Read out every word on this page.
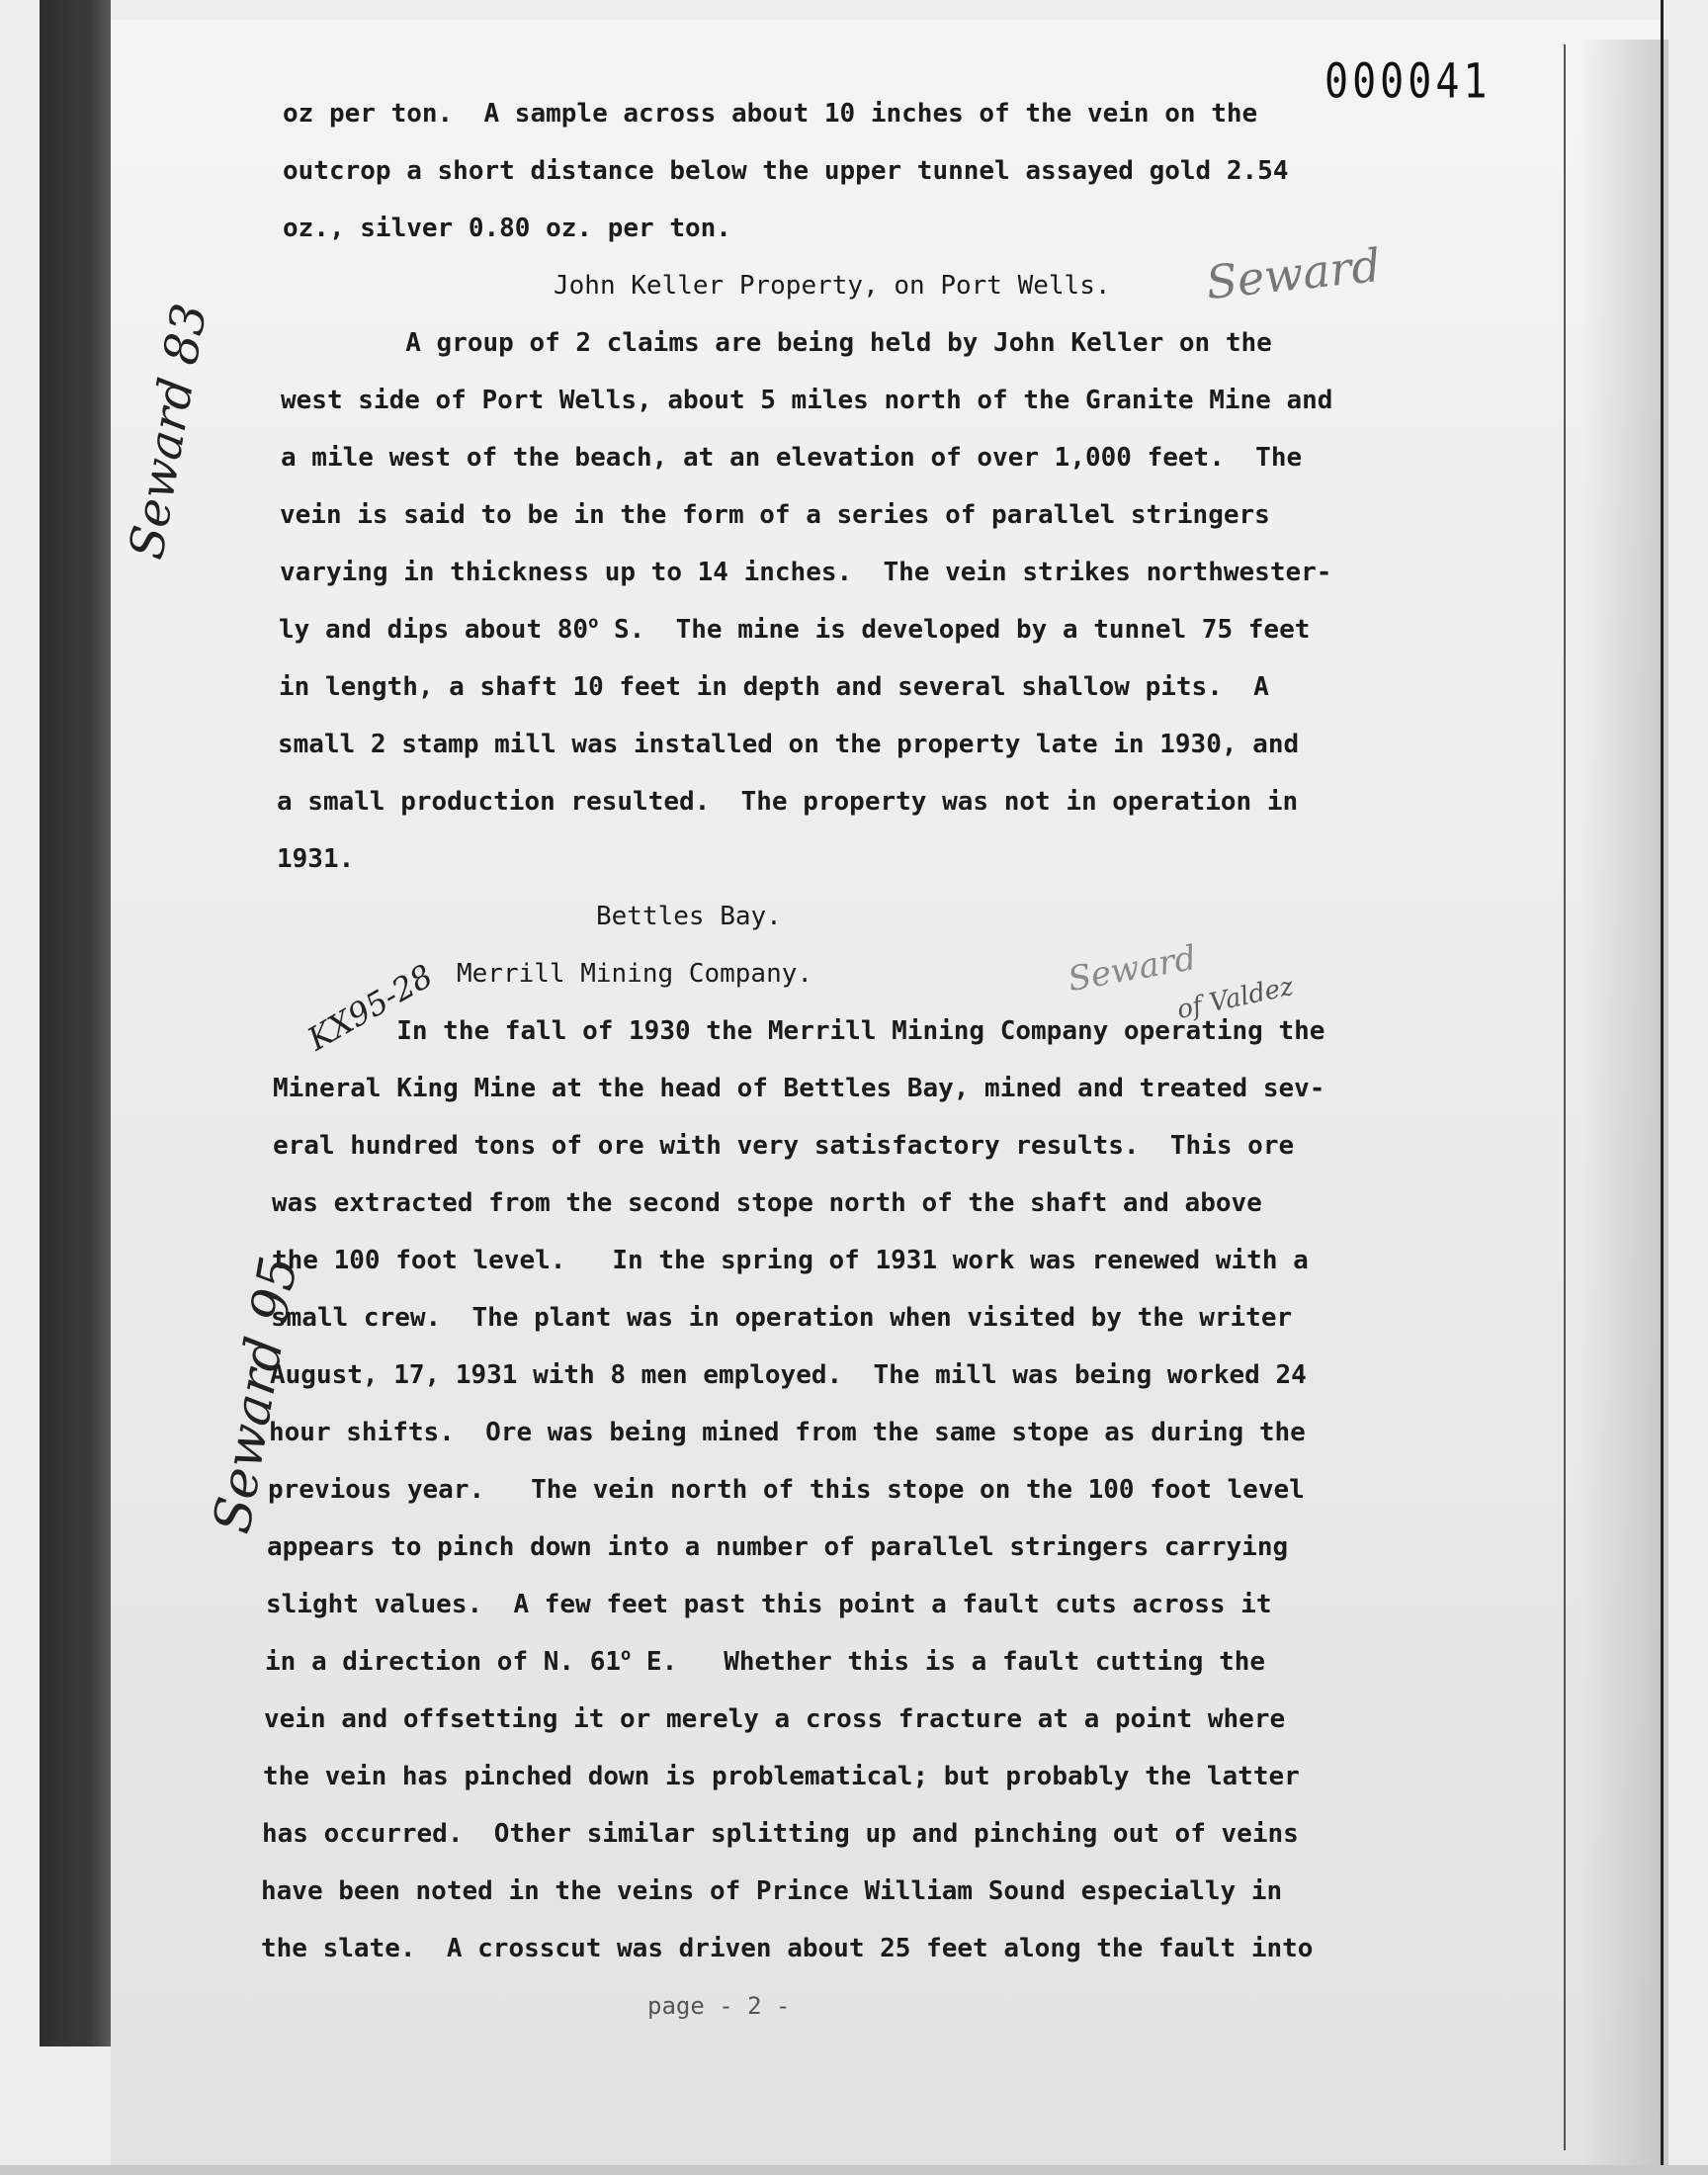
000041
oz per ton.  A sample across about 10 inches of the vein on the
outcrop a short distance below the upper tunnel assayed gold 2.54
oz., silver 0.80 oz. per ton.
John Keller Property, on Port Wells.
A group of 2 claims are being held by John Keller on the
west side of Port Wells, about 5 miles north of the Granite Mine and
a mile west of the beach, at an elevation of over 1,000 feet.  The
vein is said to be in the form of a series of parallel stringers
varying in thickness up to 14 inches.  The vein strikes northwester-
ly and dips about 80$^o$ S.  The mine is developed by a tunnel 75 feet
in length, a shaft 10 feet in depth and several shallow pits.  A
small 2 stamp mill was installed on the property late in 1930, and
a small production resulted.  The property was not in operation in
1931.
Bettles Bay.
Merrill Mining Company.
In the fall of 1930 the Merrill Mining Company operating the
Mineral King Mine at the head of Bettles Bay, mined and treated sev-
eral hundred tons of ore with very satisfactory results.  This ore
was extracted from the second stope north of the shaft and above
the 100 foot level.   In the spring of 1931 work was renewed with a
small crew.  The plant was in operation when visited by the writer
August, 17, 1931 with 8 men employed.  The mill was being worked 24
hour shifts.  Ore was being mined from the same stope as during the
previous year.   The vein north of this stope on the 100 foot level
appears to pinch down into a number of parallel stringers carrying
slight values.  A few feet past this point a fault cuts across it
in a direction of N. 61$^o$ E.   Whether this is a fault cutting the
vein and offsetting it or merely a cross fracture at a point where
the vein has pinched down is problematical; but probably the latter
has occurred.  Other similar splitting up and pinching out of veins
have been noted in the veins of Prince William Sound especially in
the slate.  A crosscut was driven about 25 feet along the fault into
page - 2 -
Seward
Seward 83
KX95-28	Seward
of Valdez
Seward 95
